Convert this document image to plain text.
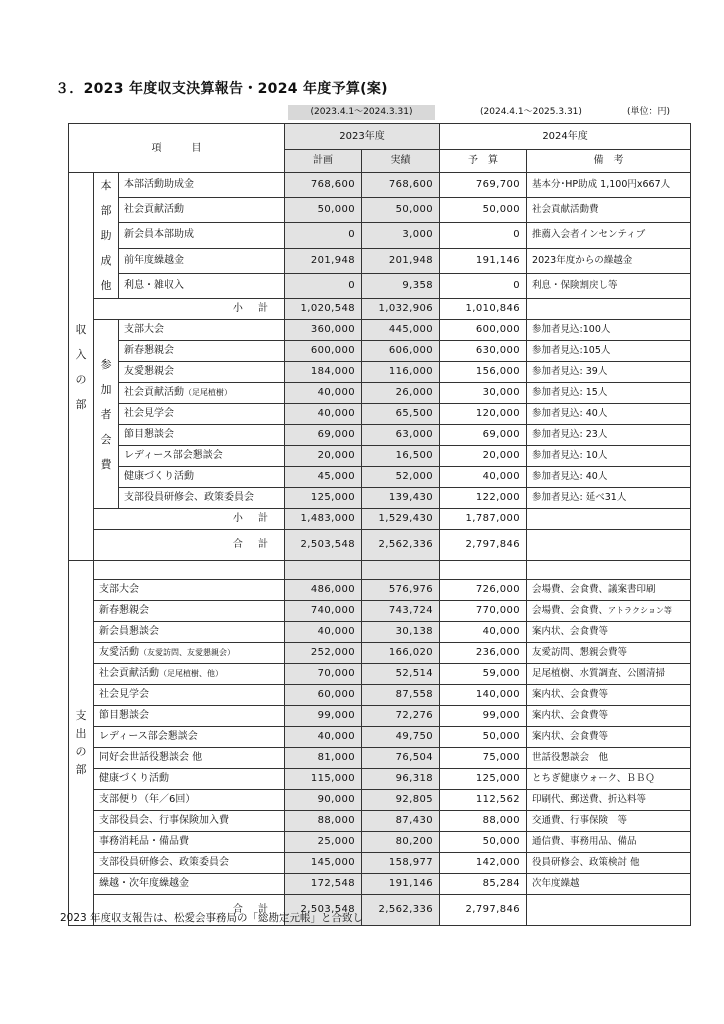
３．2023 年度収支決算報告・2024 年度予算(案)
(2023.4.1～2024.3.31)	(2024.4.1～2025.3.31)	(単位：円)
項　　　目			2023年度		2024年度	
			計画	実績	予　算	備　考

収
入
の
部	本
部
助
成
他	本部活動助成金	768,600	768,600	769,700	基本分･HP助成 1,100円x667人
		社会貢献活動	50,000	50,000	50,000	社会貢献活動費
		新会員本部助成	0	3,000	0	推薦入会者インセンティブ
		前年度繰越金	201,948	201,948	191,146	2023年度からの繰越金
		利息・雑収入	0	9,358	0	利息・保険割戻し等
	小 計		1,020,548	1,032,906	1,010,846	

	参
加
者
会
費	支部大会	360,000	445,000	600,000	参加者見込:100人
		新春懇親会	600,000	606,000	630,000	参加者見込:105人
		友愛懇親会	184,000	116,000	156,000	参加者見込: 39人
		社会貢献活動（足尾植樹）	40,000	26,000	30,000	参加者見込: 15人
		社会見学会	40,000	65,500	120,000	参加者見込: 40人
		節目懇談会	69,000	63,000	69,000	参加者見込: 23人
		レディース部会懇談会	20,000	16,500	20,000	参加者見込: 10人
		健康づくり活動	45,000	52,000	40,000	参加者見込: 40人
		支部役員研修会、政策委員会	125,000	139,430	122,000	参加者見込: 延べ31人
	小 計		1,483,000	1,529,430	1,787,000	
	合 計		2,503,548	2,562,336	2,797,846	

支
出
の
部						

	支部大会		486,000	576,976	726,000	会場費、会食費、議案書印刷
	新春懇親会		740,000	743,724	770,000	会場費、会食費、アトラクション等
	新会員懇談会		40,000	30,138	40,000	案内状、会食費等
	友愛活動（友愛訪問、友愛懇親会）		252,000	166,020	236,000	友愛訪問、懇親会費等
	社会貢献活動（足尾植樹、他）		70,000	52,514	59,000	足尾植樹、水質調査、公園清掃
	社会見学会		60,000	87,558	140,000	案内状、会食費等
	節目懇談会		99,000	72,276	99,000	案内状、会食費等
	レディース部会懇談会		40,000	49,750	50,000	案内状、会食費等
	同好会世話役懇談会 他		81,000	76,504	75,000	世話役懇談会　他
	健康づくり活動		115,000	96,318	125,000	とちぎ健康ウォーク、ＢＢＱ
	支部便り（年／6回）		90,000	92,805	112,562	印刷代、郵送費、折込料等
	支部役員会、行事保険加入費		88,000	87,430	88,000	交通費、行事保険　等
	事務消耗品・備品費		25,000	80,200	50,000	通信費、事務用品、備品
	支部役員研修会、政策委員会		145,000	158,977	142,000	役員研修会、政策検討 他
	繰越・次年度繰越金		172,548	191,146	85,284	次年度繰越
	合 計		2,503,548	2,562,336	2,797,846	
2023 年度収支報告は、松愛会事務局の「総勘定元帳」と合致し
